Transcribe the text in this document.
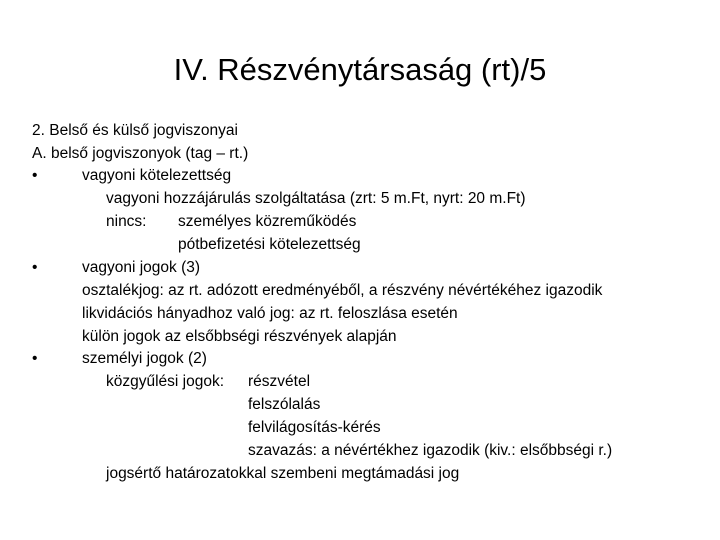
IV. Részvénytársaság (rt)/5
2. Belső és külső jogviszonyai
A. belső jogviszonyok (tag – rt.)
•	vagyoni kötelezettség
vagyoni hozzájárulás szolgáltatása (zrt: 5 m.Ft, nyrt: 20 m.Ft)
nincs: személyes közreműködés
pótbefizetési kötelezettség
•	vagyoni jogok (3)
osztalékjog: az rt. adózott eredményéből, a részvény névértékéhez igazodik
likvidációs hányadhoz való jog: az rt. feloszlása esetén
külön jogok az elsőbbségi részvények alapján
•	személyi jogok (2)
közgyűlési jogok: részvétel
felszólalás
felvilágosítás-kérés
szavazás: a névértékhez igazodik (kiv.: elsőbbségi r.)
jogsértő határozatokkal szembeni megtámadási jog
